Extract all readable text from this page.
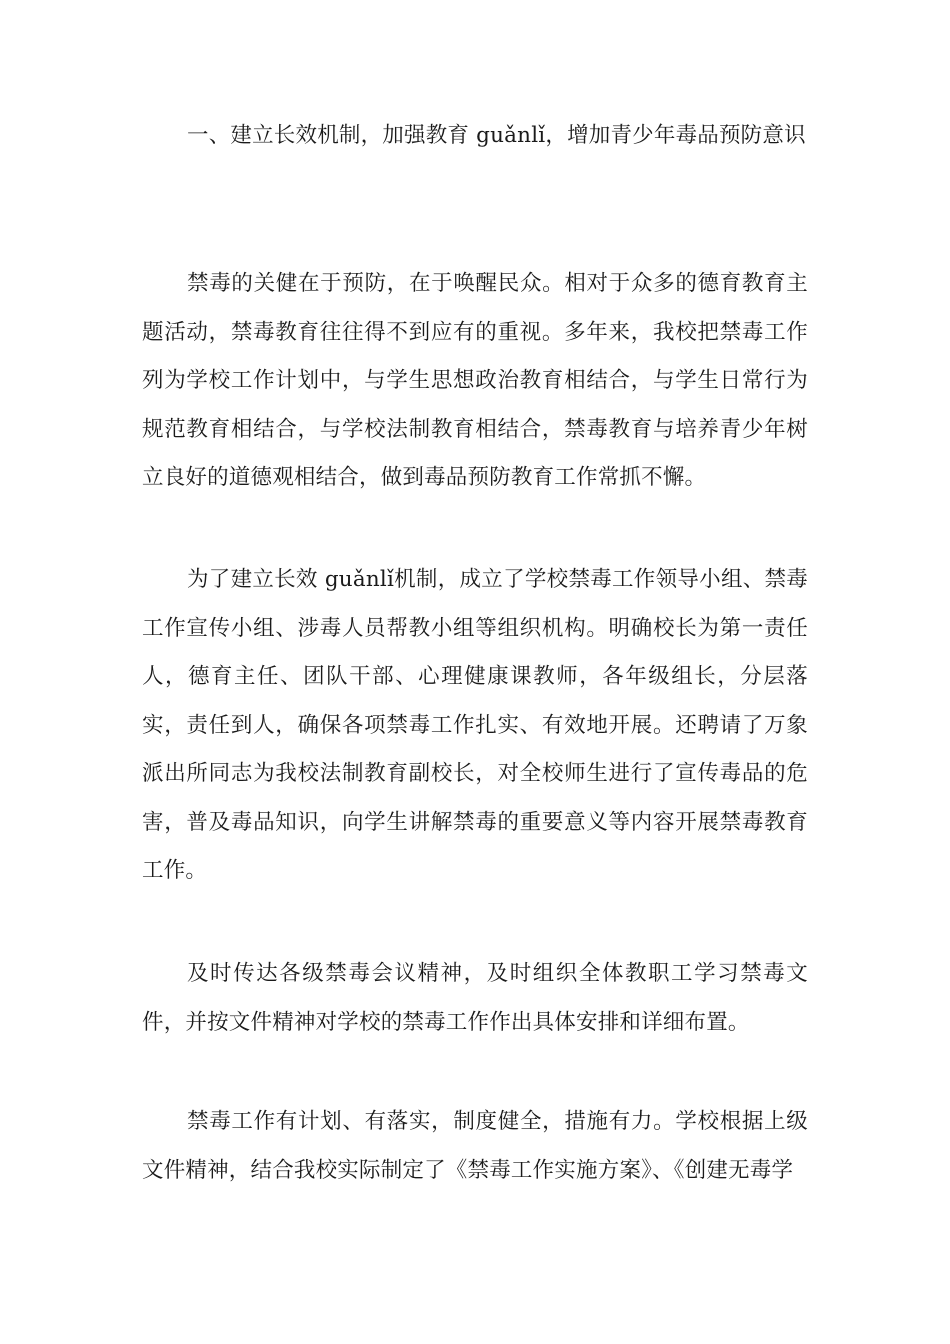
一、建立长效机制，加强教育 guǎnlǐ，增加青少年毒品预防意识

禁毒的关健在于预防，在于唤醒民众。相对于众多的德育教育主题活动，禁毒教育往往得不到应有的重视。多年来，我校把禁毒工作列为学校工作计划中，与学生思想政治教育相结合，与学生日常行为规范教育相结合，与学校法制教育相结合，禁毒教育与培养青少年树立良好的道德观相结合，做到毒品预防教育工作常抓不懈。

为了建立长效 guǎnlǐ机制，成立了学校禁毒工作领导小组、禁毒工作宣传小组、涉毒人员帮教小组等组织机构。明确校长为第一责任人，德育主任、团队干部、心理健康课教师，各年级组长，分层落实，责任到人，确保各项禁毒工作扎实、有效地开展。还聘请了万象派出所同志为我校法制教育副校长，对全校师生进行了宣传毒品的危害，普及毒品知识，向学生讲解禁毒的重要意义等内容开展禁毒教育工作。

及时传达各级禁毒会议精神，及时组织全体教职工学习禁毒文件，并按文件精神对学校的禁毒工作作出具体安排和详细布置。

禁毒工作有计划、有落实，制度健全，措施有力。学校根据上级文件精神，结合我校实际制定了《禁毒工作实施方案》、《创建无毒学
